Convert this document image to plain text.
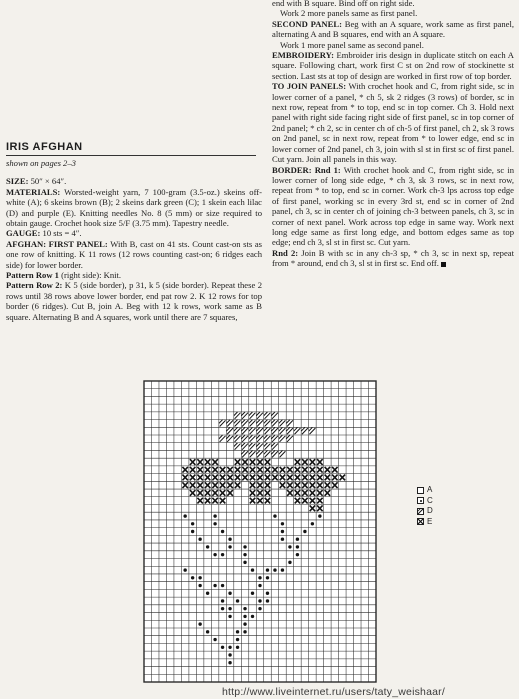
IRIS AFGHAN
shown on pages 2–3

SIZE: 50″ × 64″.

MATERIALS: Worsted-weight yarn, 7 100-gram (3.5-oz.) skeins off-white (A); 6 skeins brown (B); 2 skeins dark green (C); 1 skein each lilac (D) and purple (E). Knitting needles No. 8 (5 mm) or size required to obtain gauge. Crochet hook size 5/F (3.75 mm). Tapestry needle.

GAUGE: 10 sts = 4″.

AFGHAN: FIRST PANEL: With B, cast on 41 sts. Count cast-on sts as one row of knitting. K 11 rows (12 rows counting cast-on; 6 ridges each side) for lower border.

Pattern Row 1 (right side): Knit.

Pattern Row 2: K 5 (side border), p 31, k 5 (side border). Repeat these 2 rows until 38 rows above lower border, end pat row 2. K 12 rows for top border (6 ridges). Cut B, join A. Beg with 12 k rows, work same as B square. Alternating B and A squares, work until there are 7 squares,

end with B square. Bind off on right side.

Work 2 more panels same as first panel.

SECOND PANEL: Beg with an A square, work same as first panel, alternating A and B squares, end with an A square.

Work 1 more panel same as second panel.

EMBROIDERY: Embroider iris design in duplicate stitch on each A square. Following chart, work first C st on 2nd row of stockinette st section. Last sts at top of design are worked in first row of top border.

TO JOIN PANELS: With crochet hook and C, from right side, sc in lower corner of a panel, * ch 5, sk 2 ridges (3 rows) of border, sc in next row, repeat from * to top, end sc in top corner. Ch 3. Hold next panel with right side facing right side of first panel, sc in top corner of 2nd panel; * ch 2, sc in center ch of ch-5 of first panel, ch 2, sk 3 rows on 2nd panel, sc in next row, repeat from * to lower edge, end sc in lower corner of 2nd panel, ch 3, join with sl st in first sc of first panel. Cut yarn. Join all panels in this way.

BORDER: Rnd 1: With crochet hook and C, from right side, sc in lower corner of long side edge, * ch 3, sk 3 rows, sc in next row, repeat from * to top, end sc in corner. Work ch-3 lps across top edge of first panel, working sc in every 3rd st, end sc in corner of 2nd panel, ch 3, sc in center ch of joining ch-3 between panels, ch 3, sc in corner of next panel. Work across top edge in same way. Work next long edge same as first long edge, and bottom edges same as top edge; end ch 3, sl st in first sc. Cut yarn.

Rnd 2: Join B with sc in any ch-3 sp, * ch 3, sc in next sp, repeat from * around, end ch 3, sl st in first sc. End off.

A
C
D
E
http://www.liveinternet.ru/users/taty_weishaar/
